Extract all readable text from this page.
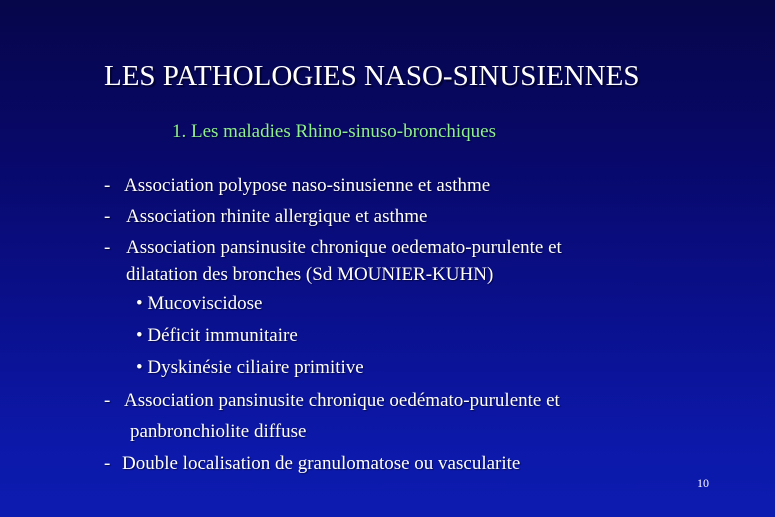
LES PATHOLOGIES NASO-SINUSIENNES
1. Les maladies Rhino-sinuso-bronchiques
-
-
-
-
-
Association polypose naso-sinusienne et asthme
Association rhinite allergique et asthme
Association pansinusite chronique oedemato-purulente et
dilatation des bronches (Sd MOUNIER-KUHN)
• Mucoviscidose
• Déficit immunitaire
• Dyskinésie ciliaire primitive
Association pansinusite chronique oedémato-purulente et
panbronchiolite diffuse
Double localisation de granulomatose ou vascularite
10
